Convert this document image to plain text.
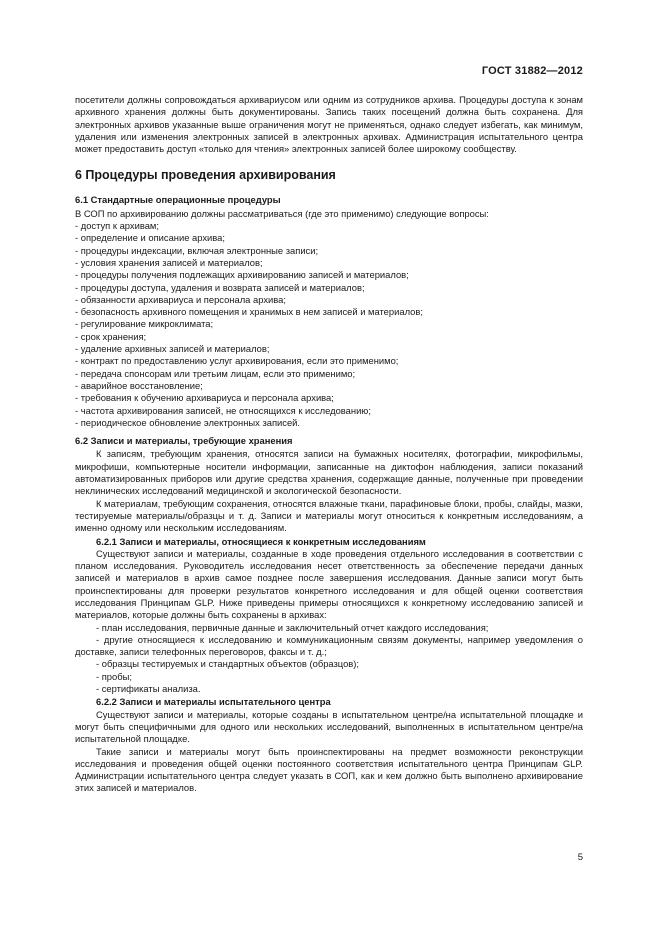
ГОСТ 31882—2012

посетители должны сопровождаться архивариусом или одним из сотрудников архива. Процедуры доступа к зонам архивного хранения должны быть документированы. Запись таких посещений должна быть сохранена. Для электронных архивов указанные выше ограничения могут не применяться, однако следует избегать, как минимум, удаления или изменения электронных записей в электронных архивах. Администрация испытательного центра может предоставить доступ «только для чтения» электронных записей более широкому сообществу.

6 Процедуры проведения архивирования
6.1 Стандартные операционные процедуры

В СОП по архивированию должны рассматриваться (где это применимо) следующие вопросы:

- доступ к архивам;
- определение и описание архива;
- процедуры индексации, включая электронные записи;
- условия хранения записей и материалов;
- процедуры получения подлежащих архивированию записей и материалов;
- процедуры доступа, удаления и возврата записей и материалов;
- обязанности архивариуса и персонала архива;
- безопасность архивного помещения и хранимых в нем записей и материалов;
- регулирование микроклимата;
- срок хранения;
- удаление архивных записей и материалов;
- контракт по предоставлению услуг архивирования, если это применимо;
- передача спонсорам или третьим лицам, если это применимо;
- аварийное восстановление;
- требования к обучению архивариуса и персонала архива;
- частота архивирования записей, не относящихся к исследованию;
- периодическое обновление электронных записей.
6.2 Записи и материалы, требующие хранения

К записям, требующим хранения, относятся записи на бумажных носителях, фотографии, микрофильмы, микрофиши, компьютерные носители информации, записанные на диктофон наблюдения, записи показаний автоматизированных приборов или другие средства хранения, содержащие данные, полученные при проведении неклинических исследований медицинской и экологической безопасности.

К материалам, требующим сохранения, относятся влажные ткани, парафиновые блоки, пробы, слайды, мазки, тестируемые материалы/образцы и т. д. Записи и материалы могут относиться к конкретным исследованиям, а именно одному или нескольким исследованиям.

6.2.1 Записи и материалы, относящиеся к конкретным исследованиям

Существуют записи и материалы, созданные в ходе проведения отдельного исследования в соответствии с планом исследования. Руководитель исследования несет ответственность за обеспечение передачи данных записей и материалов в архив самое позднее после завершения исследования. Данные записи могут быть проинспектированы для проверки результатов конкретного исследования и для общей оценки соответствия исследования Принципам GLP. Ниже приведены примеры относящихся к конкретному исследованию записей и материалов, которые должны быть сохранены в архивах:

- план исследования, первичные данные и заключительный отчет каждого исследования;
- другие относящиеся к исследованию и коммуникационным связям документы, например уведомления о доставке, записи телефонных переговоров, факсы и т. д.;
- образцы тестируемых и стандартных объектов (образцов);
- пробы;
- сертификаты анализа.
6.2.2 Записи и материалы испытательного центра

Существуют записи и материалы, которые созданы в испытательном центре/на испытательной площадке и могут быть специфичными для одного или нескольких исследований, выполненных в испытательном центре/на испытательной площадке.

Такие записи и материалы могут быть проинспектированы на предмет возможности реконструкции исследования и проведения общей оценки постоянного соответствия испытательного центра Принципам GLP. Администрации испытательного центра следует указать в СОП, как и кем должно быть выполнено архивирование этих записей и материалов.

5
